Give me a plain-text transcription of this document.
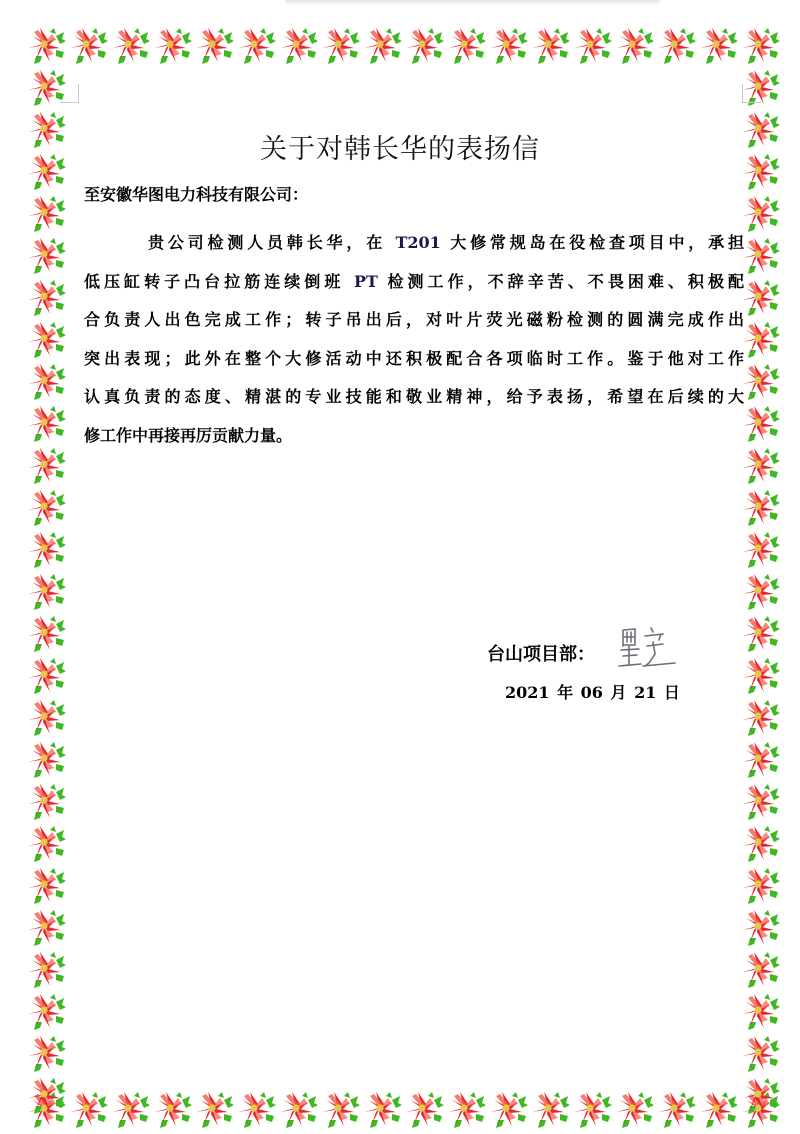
关于对韩长华的表扬信
至安徽华图电力科技有限公司：
贵公司检测人员韩长华，在 T201 大修常规岛在役检查项目中，承担
低压缸转子凸台拉筋连续倒班 PT 检测工作，不辞辛苦、不畏困难、积极配
合负责人出色完成工作；转子吊出后，对叶片荧光磁粉检测的圆满完成作出
突出表现；此外在整个大修活动中还积极配合各项临时工作。鉴于他对工作
认真负责的态度、精湛的专业技能和敬业精神，给予表扬，希望在后续的大
修工作中再接再厉贡献力量。
台山项目部：
2021 年 06 月 21 日
